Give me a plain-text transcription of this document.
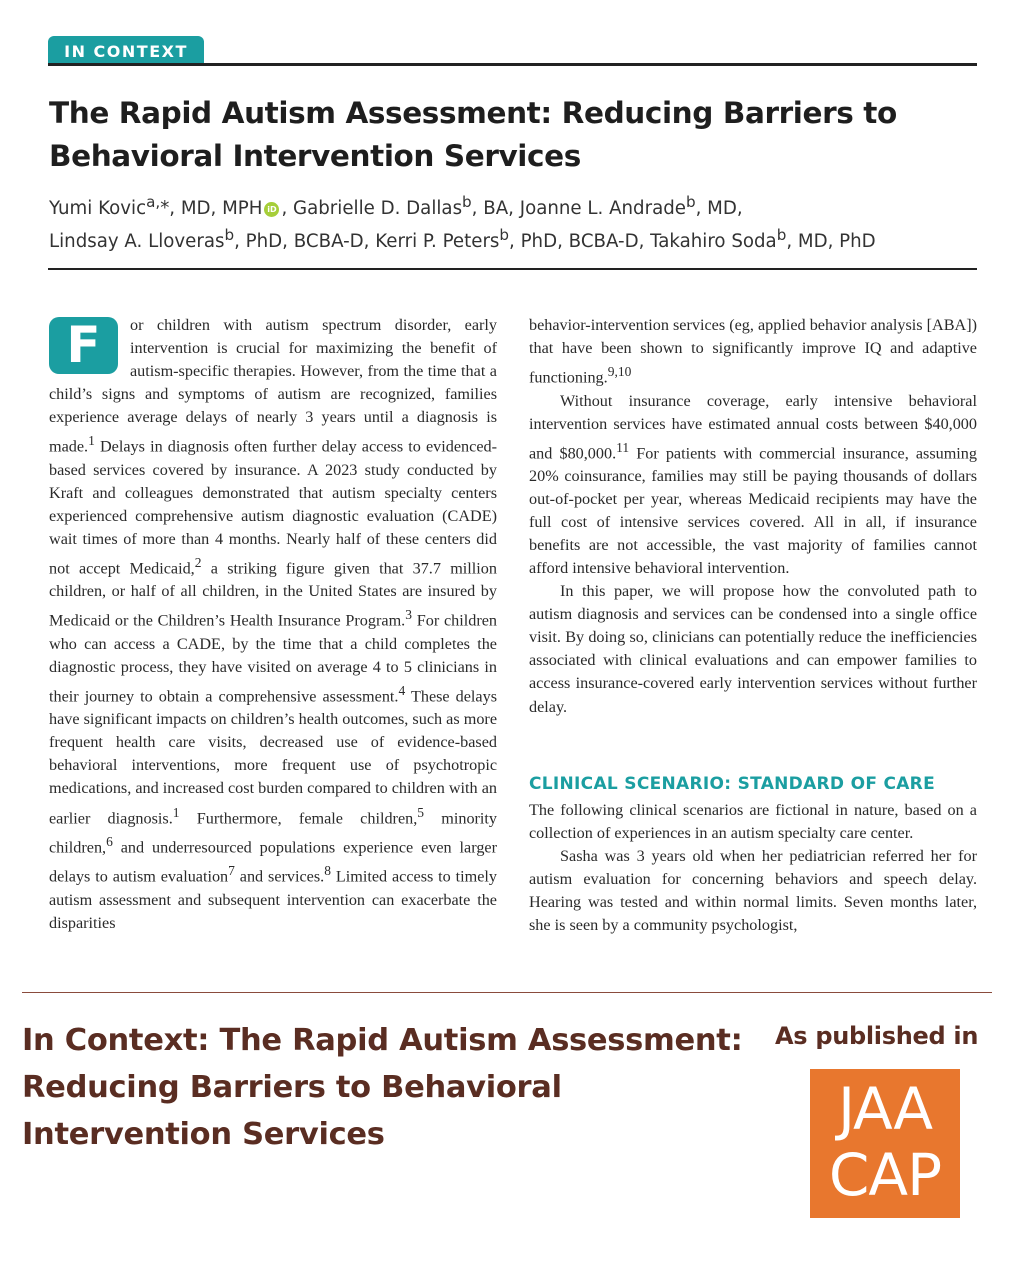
IN CONTEXT
The Rapid Autism Assessment: Reducing Barriers to Behavioral Intervention Services

Yumi Kovic$^{a,}$*, MD, MPH iD , Gabrielle D. Dallas$^b$, BA, Joanne L. Andrade$^b$, MD,
Lindsay A. Lloveras$^b$, PhD, BCBA-D, Kerri P. Peters$^b$, PhD, BCBA-D, Takahiro Soda$^b$, MD, PhD

F	or children with autism spectrum disorder, early intervention is crucial for maximizing the benefit of autism-specific therapies. However, from the time that a child’s signs and symptoms of autism are recognized, families experience average delays of nearly 3 years until a diagnosis is made.$^1$ Delays in diagnosis often further delay access to evidenced-based services covered by insurance. A 2023 study conducted by Kraft and colleagues demonstrated that autism specialty centers experienced comprehensive autism diagnostic evaluation (CADE) wait times of more than 4 months. Nearly half of these centers did not accept Medicaid,$^2$ a striking figure given that 37.7 million children, or half of all children, in the United States are insured by Medicaid or the Children’s Health Insurance Program.$^3$ For children who can access a CADE, by the time that a child completes the diagnostic process, they have visited on average 4 to 5 clinicians in their journey to obtain a comprehensive assessment.$^4$ These delays have significant impacts on children’s health outcomes, such as more frequent health care visits, decreased use of evidence-based behavioral interventions, more frequent use of psychotropic medications, and increased cost burden compared to children with an earlier diagnosis.$^1$ Furthermore, female children,$^5$ minority children,$^6$ and underresourced populations experience even larger delays to autism evaluation$^7$ and services.$^8$ Limited access to timely autism assessment and subsequent intervention can exacerbate the disparities

behavior-intervention services (eg, applied behavior analysis [ABA]) that have been shown to significantly improve IQ and adaptive functioning.$^{9,10}$

Without insurance coverage, early intensive behavioral intervention services have estimated annual costs between $40,000 and $80,000.11 For patients with commercial insurance, assuming 20% coinsurance, families may still be paying thousands of dollars out-of-pocket per year, whereas Medicaid recipients may have the full cost of intensive services covered. All in all, if insurance benefits are not accessible, the vast majority of families cannot afford intensive behavioral intervention.

In this paper, we will propose how the convoluted path to autism diagnosis and services can be condensed into a single office visit. By doing so, clinicians can potentially reduce the inefficiencies associated with clinical evaluations and can empower families to access insurance-covered early intervention services without further delay.

CLINICAL SCENARIO: STANDARD OF CARE

The following clinical scenarios are fictional in nature, based on a collection of experiences in an autism specialty care center.

Sasha was 3 years old when her pediatrician referred her for autism evaluation for concerning behaviors and speech delay. Hearing was tested and within normal limits. Seven months later, she is seen by a community psychologist,

In Context: The Rapid Autism Assessment:
Reducing Barriers to Behavioral
Intervention Services

As published in

JAA
CAP
